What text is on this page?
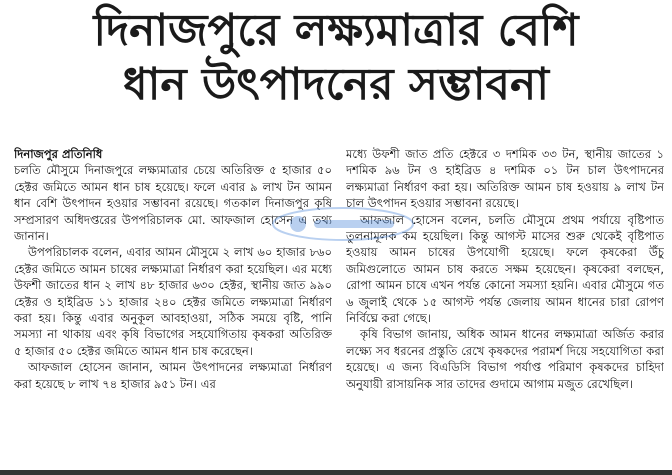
দিনাজপুরে লক্ষ্যমাত্রার বেশি
ধান উৎপাদনের সম্ভাবনা

দিনাজপুর প্রতিনিধি

চলতি মৌসুমে দিনাজপুরে লক্ষ্যমাত্রার চেয়ে অতিরিক্ত ৫ হাজার ৫০ হেক্টর জমিতে আমন ধান চাষ হয়েছে। ফলে এবার ৯ লাখ টন আমন ধান বেশি উৎপাদন হওয়ার সম্ভাবনা রয়েছে। গতকাল দিনাজপুর কৃষি সম্প্রসারণ অধিদপ্তরের উপপরিচালক মো. আফজাল হোসেন এ তথ্য জানান।

উপপরিচালক বলেন, এবার আমন মৌসুমে ২ লাখ ৬০ হাজার ৮৬০ হেক্টর জমিতে আমন চাষের লক্ষ্যমাত্রা নির্ধারণ করা হয়েছিল। এর মধ্যে উফশী জাতের ধান ২ লাখ ৪৮ হাজার ৬৩০ হেক্টর, স্থানীয় জাত ৯৯০ হেক্টর ও হাইব্রিড ১১ হাজার ২৪০ হেক্টর জমিতে লক্ষ্যমাত্রা নির্ধারণ করা হয়। কিন্তু এবার অনুকূল আবহাওয়া, সঠিক সময়ে বৃষ্টি, পানি সমস্যা না থাকায় এবং কৃষি বিভাগের সহযোগিতায় কৃষকরা অতিরিক্ত ৫ হাজার ৫০ হেক্টর জমিতে আমন ধান চাষ করেছেন।

আফজাল হোসেন জানান, আমন উৎপাদনের লক্ষ্যমাত্রা নির্ধারণ করা হয়েছে ৮ লাখ ৭৪ হাজার ৯৫১ টন। এর

মধ্যে উফশী জাত প্রতি হেক্টরে ৩ দশমিক ৩৩ টন, স্থানীয় জাতের ১ দশমিক ৯৬ টন ও হাইব্রিড ৪ দশমিক ০১ টন চাল উৎপাদনের লক্ষ্যমাত্রা নির্ধারণ করা হয়। অতিরিক্ত আমন চাষ হওয়ায় ৯ লাখ টন চাল উৎপাদন হওয়ার সম্ভাবনা রয়েছে।

আফজাল হোসেন বলেন, চলতি মৌসুমে প্রথম পর্যায়ে বৃষ্টিপাত তুলনামূলক কম হয়েছিল। কিন্তু আগস্ট মাসের শুরু থেকেই বৃষ্টিপাত হওয়ায় আমন চাষের উপযোগী হয়েছে। ফলে কৃষকেরা উঁচু জমিগুলোতে আমন চাষ করতে সক্ষম হয়েছেন। কৃষকেরা বলছেন, রোপা আমন চাষে এখন পর্যন্ত কোনো সমস্যা হয়নি। এবার মৌসুমে গত ৬ জুলাই থেকে ১৫ আগস্ট পর্যন্ত জেলায় আমন ধানের চারা রোপণ নির্বিঘ্নে করা গেছে।

কৃষি বিভাগ জানায়, অধিক আমন ধানের লক্ষ্যমাত্রা অর্জিত করার লক্ষ্যে সব ধরনের প্রস্তুতি রেখে কৃষকদের পরামর্শ দিয়ে সহযোগিতা করা হয়েছে। এ জন্য বিএডিসি বিভাগ পর্যাপ্ত পরিমাণ কৃষকদের চাহিদা অনুযায়ী রাসায়নিক সার তাদের গুদামে আগাম মজুত রেখেছিল।
